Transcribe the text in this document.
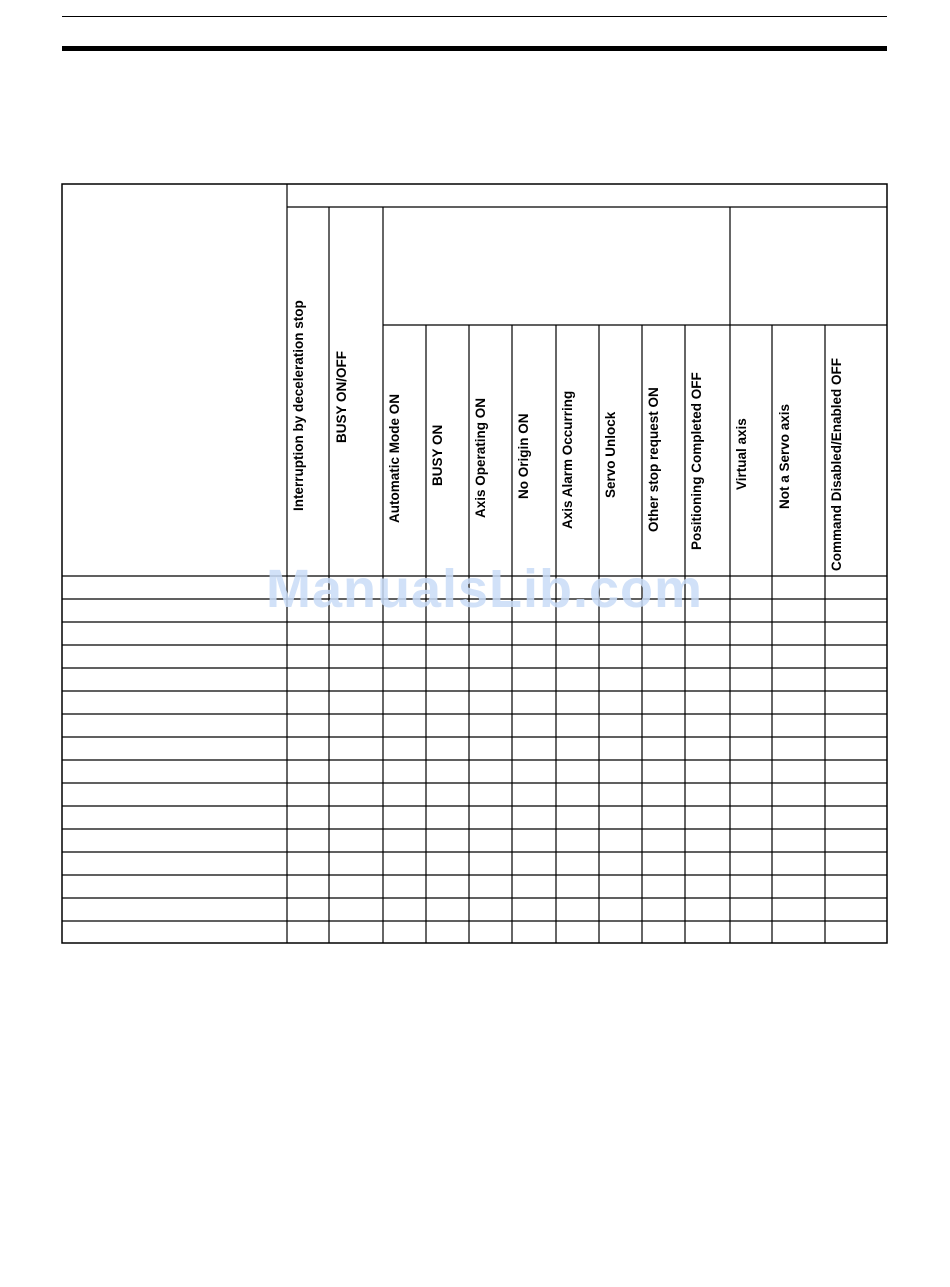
Interruption by deceleration stop BUSY ON/OFF	Automatic Mode ON BUSY ON Axis Operating ON No Origin ON Axis Alarm Occurring Servo Unlock Other stop request ON Positioning Completed OFF Virtual axis Not a Servo axis	Command Disabled/Enabled OFF
ManualsLib.com
